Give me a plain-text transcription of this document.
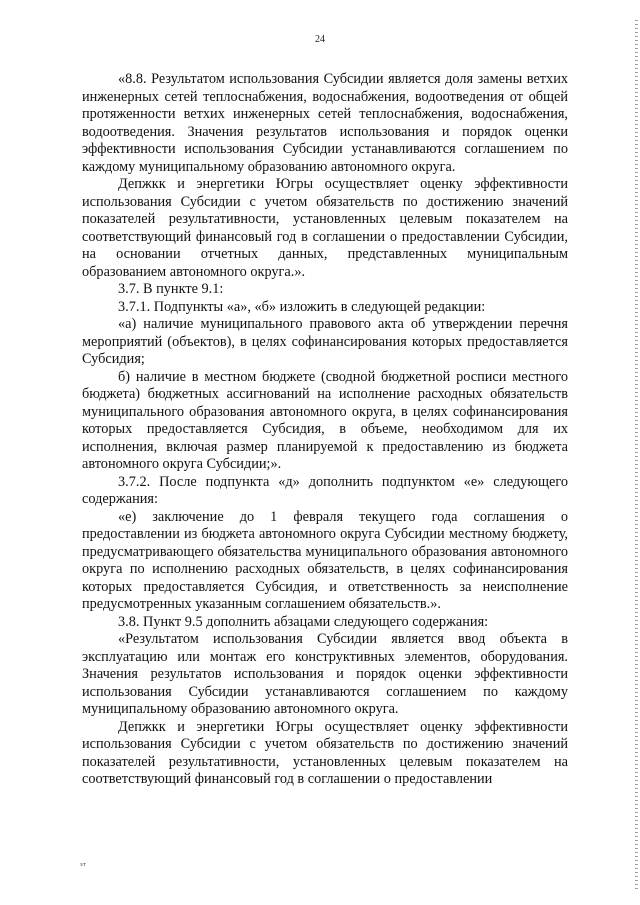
24

«8.8. Результатом использования Субсидии является доля замены ветхих инженерных сетей теплоснабжения, водоснабжения, водоотведения от общей протяженности ветхих инженерных сетей теплоснабжения, водоснабжения, водоотведения. Значения результатов использования и порядок оценки эффективности использования Субсидии устанавливаются соглашением по каждому муниципальному образованию автономного округа.

Депжкк и энергетики Югры осуществляет оценку эффективности использования Субсидии с учетом обязательств по достижению значений показателей результативности, установленных целевым показателем на соответствующий финансовый год в соглашении о предоставлении Субсидии, на основании отчетных данных, представленных муниципальным образованием автономного округа.».

3.7. В пункте 9.1:

3.7.1. Подпункты «а», «б» изложить в следующей редакции:

«а) наличие муниципального правового акта об утверждении перечня мероприятий (объектов), в целях софинансирования которых предоставляется Субсидия;

б) наличие в местном бюджете (сводной бюджетной росписи местного бюджета) бюджетных ассигнований на исполнение расходных обязательств муниципального образования автономного округа, в целях софинансирования которых предоставляется Субсидия, в объеме, необходимом для их исполнения, включая размер планируемой к предоставлению из бюджета автономного округа Субсидии;».

3.7.2. После подпункта «д» дополнить подпунктом «е» следующего содержания:

«е) заключение до 1 февраля текущего года соглашения о предоставлении из бюджета автономного округа Субсидии местному бюджету, предусматривающего обязательства муниципального образования автономного округа по исполнению расходных обязательств, в целях софинансирования которых предоставляется Субсидия, и ответственность за неисполнение предусмотренных указанным соглашением обязательств.».

3.8. Пункт 9.5 дополнить абзацами следующего содержания:

«Результатом использования Субсидии является ввод объекта в эксплуатацию или монтаж его конструктивных элементов, оборудования. Значения результатов использования и порядок оценки эффективности использования Субсидии устанавливаются соглашением по каждому муниципальному образованию автономного округа.

Депжкк и энергетики Югры осуществляет оценку эффективности использования Субсидии с учетом обязательств по достижению значений показателей результативности, установленных целевым показателем на соответствующий финансовый год в соглашении о предоставлении

эт
